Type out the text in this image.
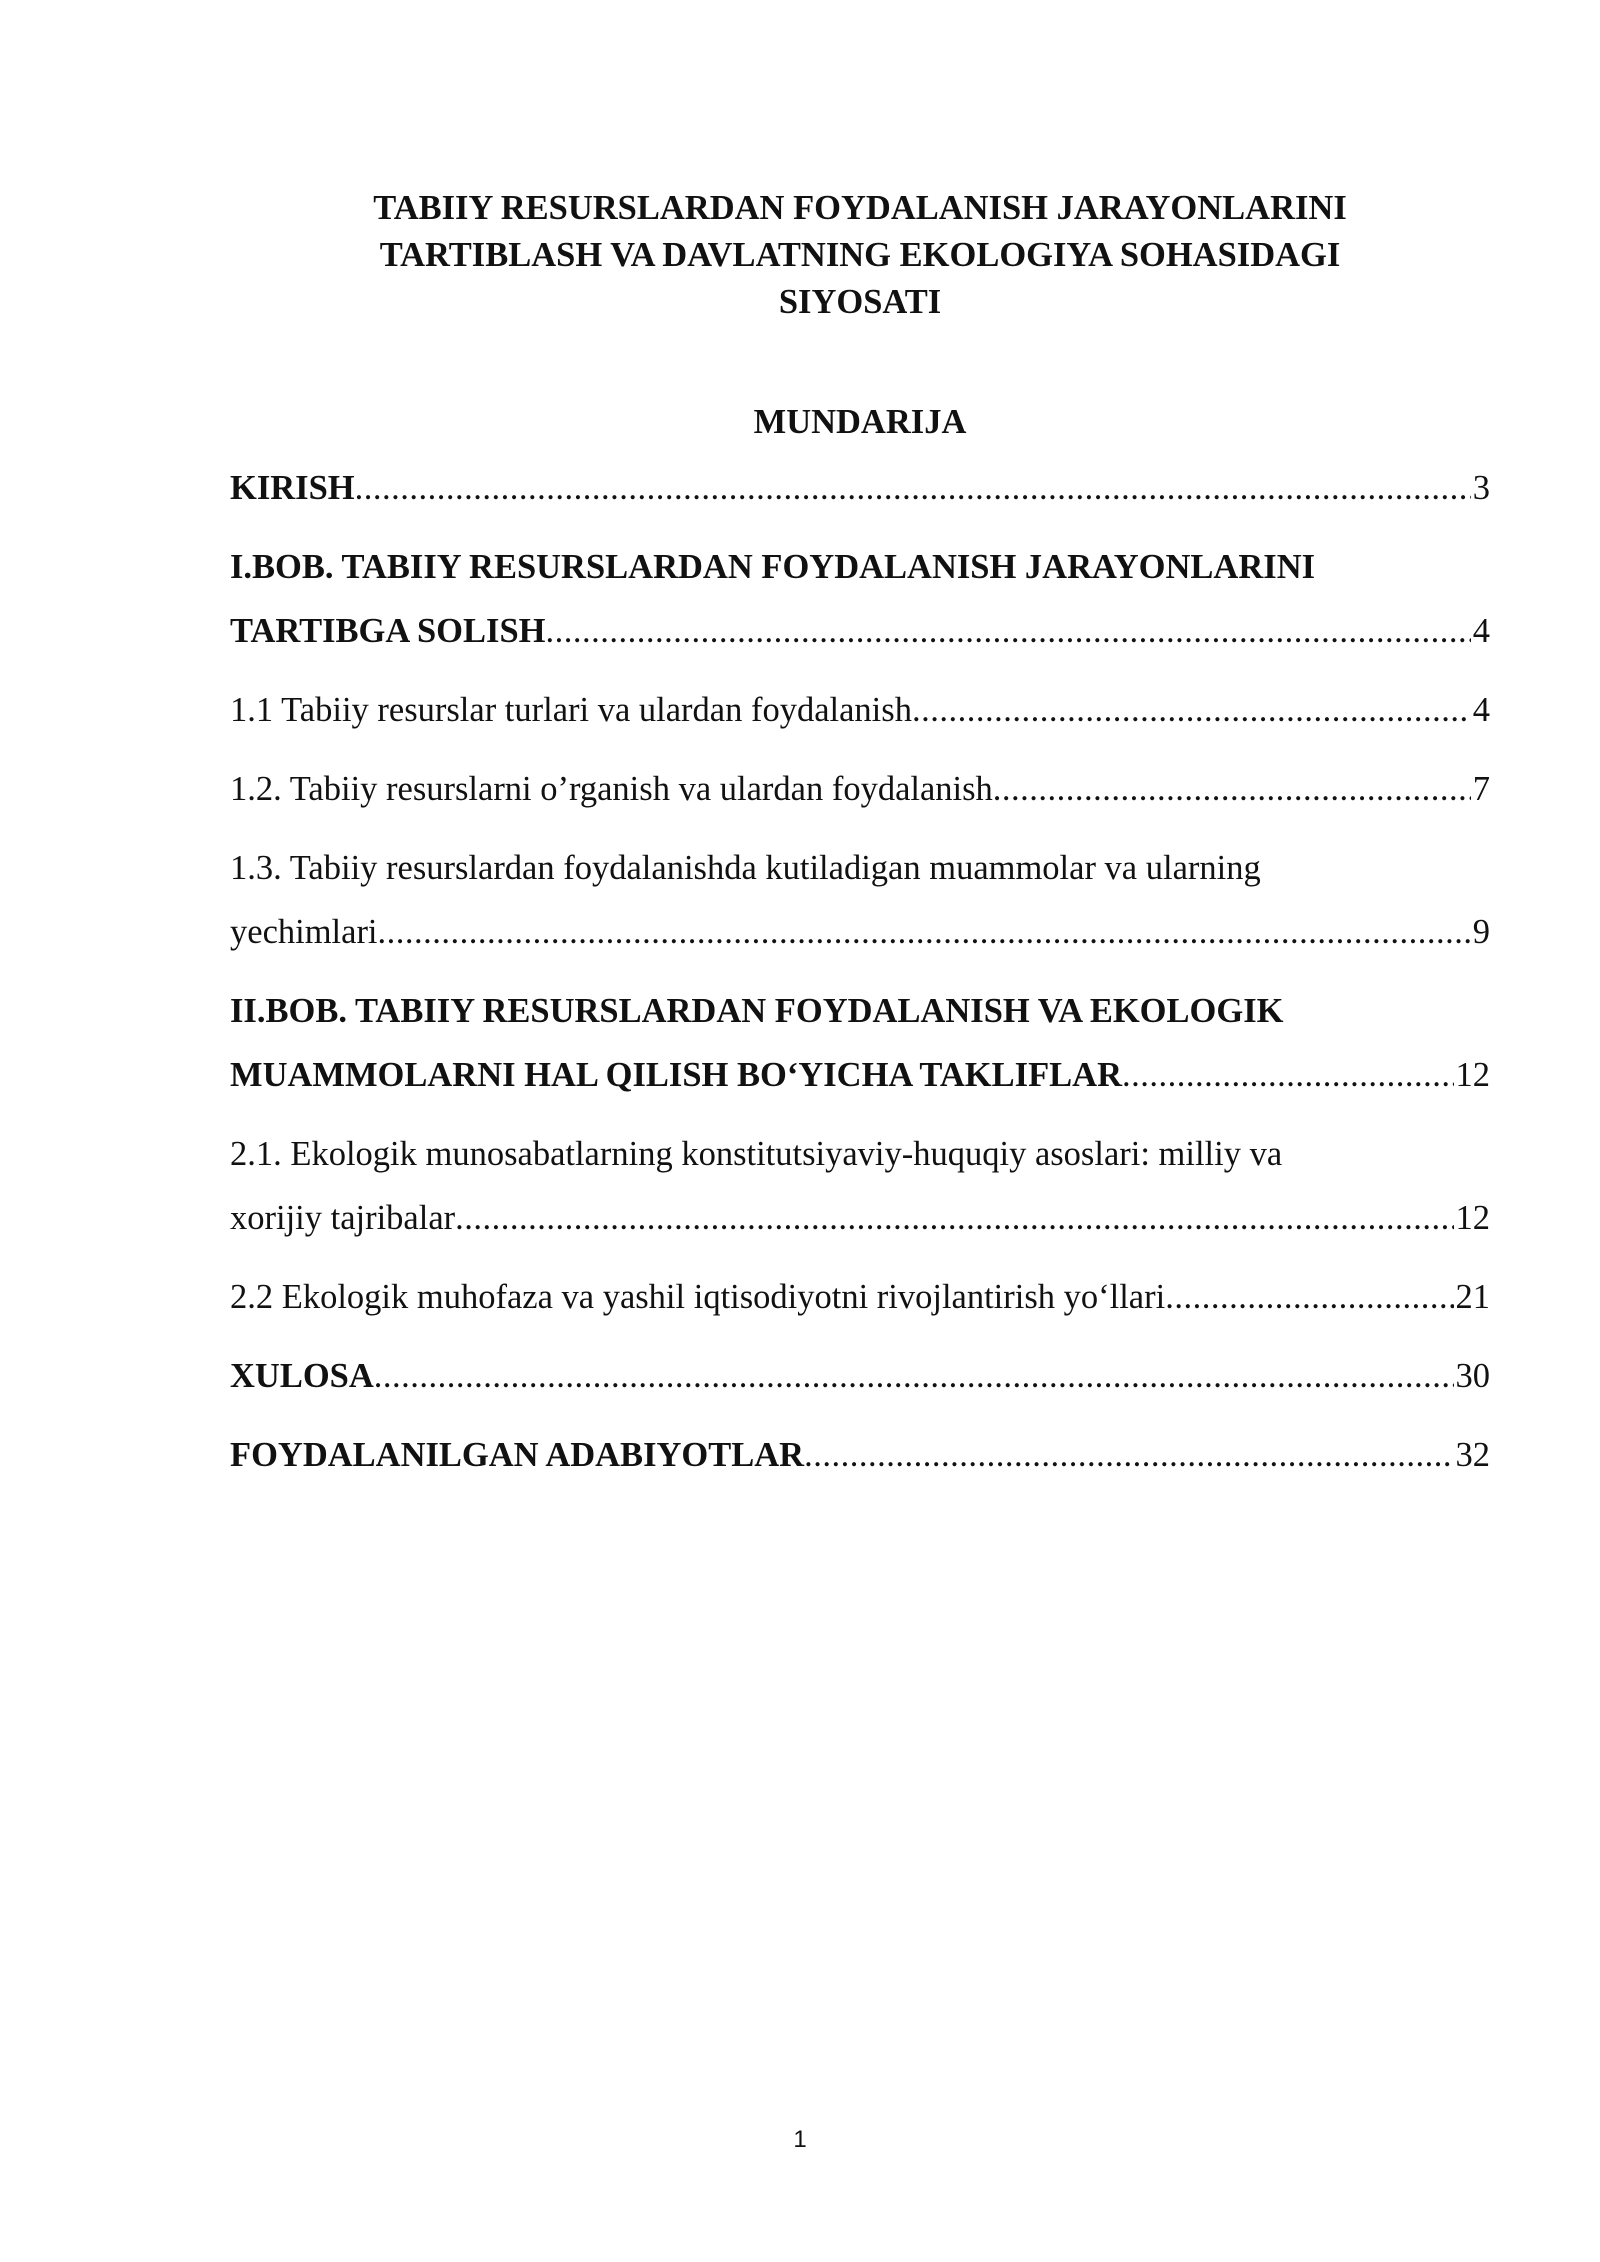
TABIIY RESURSLARDAN FOYDALANISH JARAYONLARINI
TARTIBLASH VA DAVLATNING EKOLOGIYA SOHASIDAGI
SIYOSATI
MUNDARIJA
KIRISH .....	3
I.BOB. TABIIY RESURSLARDAN FOYDALANISH JARAYONLARINI
TARTIBGA SOLISH .....	4
1.1 Tabiiy resurslar turlari va ulardan foydalanish .....	4
1.2. Tabiiy resurslarni o’rganish va ulardan foydalanish .....	7
1.3. Tabiiy resurslardan foydalanishda kutiladigan muammolar va ularning
yechimlari .....	9
II.BOB. TABIIY RESURSLARDAN FOYDALANISH VA EKOLOGIK
MUAMMOLARNI HAL QILISH BO‘YICHA TAKLIFLAR .....	12
2.1. Ekologik munosabatlarning konstitutsiyaviy-huquqiy asoslari: milliy va
xorijiy tajribalar .....	12
2.2 Ekologik muhofaza va yashil iqtisodiyotni rivojlantirish yo‘llari .....	21
XULOSA .....	30
FOYDALANILGAN ADABIYOTLAR .....	32
1
